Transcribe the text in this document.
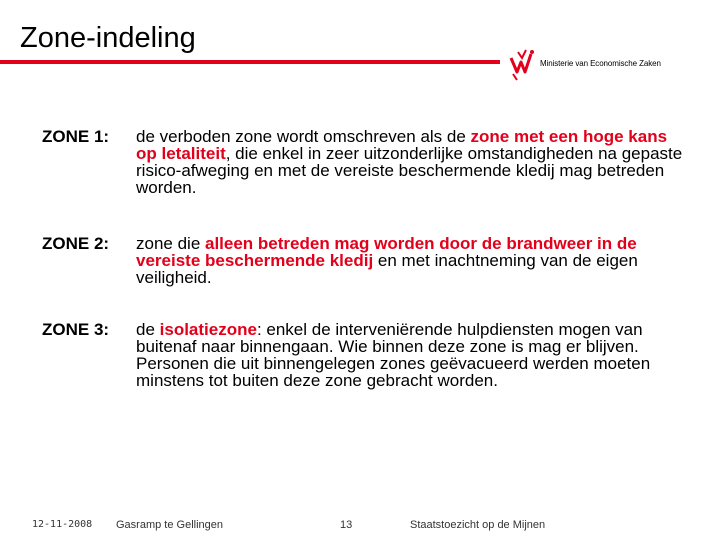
Zone-indeling
Ministerie van Economische Zaken
ZONE 1: de verboden zone wordt omschreven als de zone met een hoge kans op letaliteit, die enkel in zeer uitzonderlijke omstandigheden na gepaste risico-afweging en met de vereiste beschermende kledij mag betreden worden.
ZONE 2: zone die alleen betreden mag worden door de brandweer in de vereiste beschermende kledij en met inachtneming van de eigen veiligheid.
ZONE 3: de isolatiezone: enkel de interveniërende hulpdiensten mogen van buitenaf naar binnengaan. Wie binnen deze zone is mag er blijven. Personen die uit binnengelegen zones geëvacueerd werden moeten minstens tot buiten deze zone gebracht worden.
12-11-2008 Gasramp te Gellingen	13	Staatstoezicht op de Mijnen
